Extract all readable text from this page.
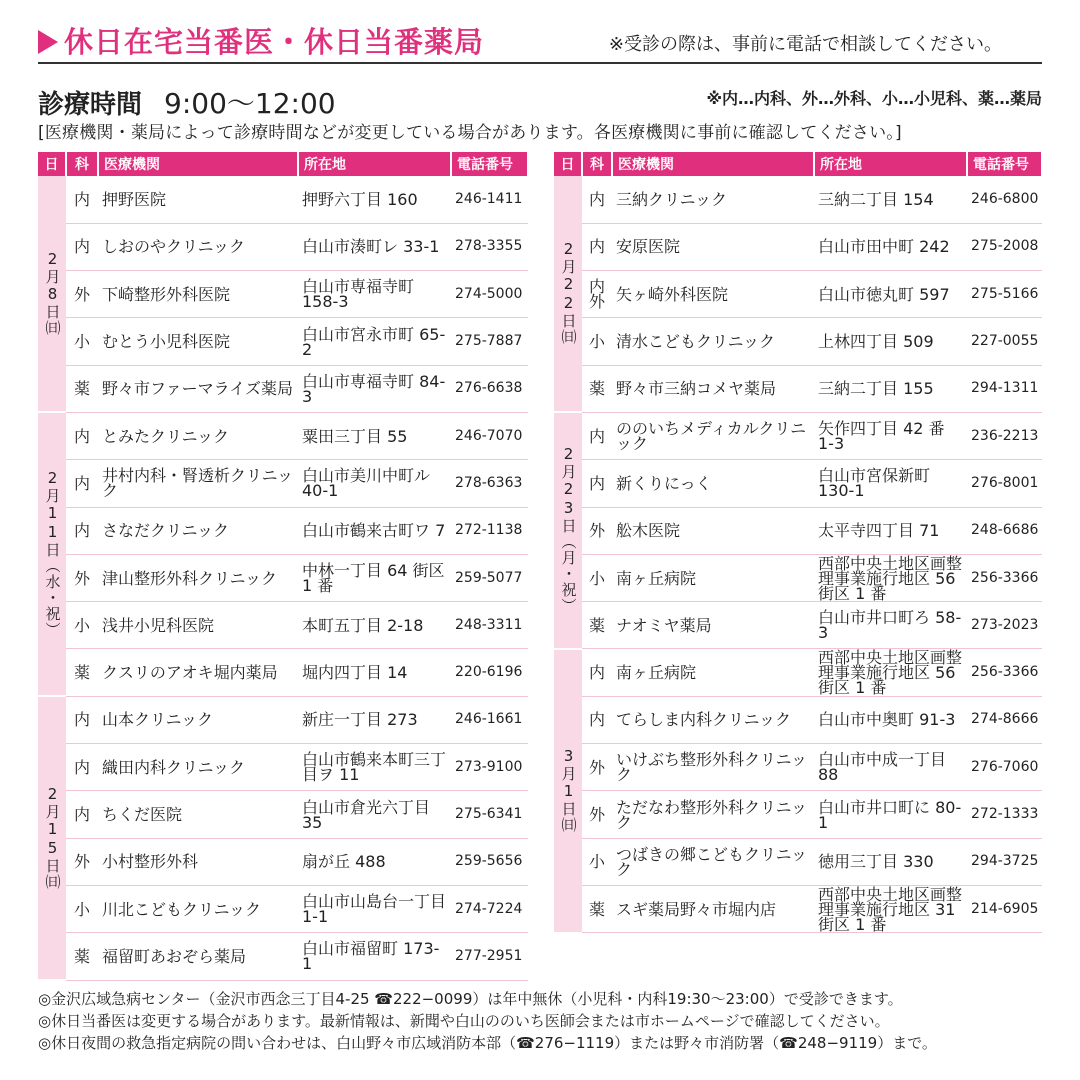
休日在宅当番医・休日当番薬局	※受診の際は、事前に電話で相談してください。
診療時間 9:00〜12:00	※内…内科、外…外科、小…小児科、薬…薬局
[医療機関・薬局によって診療時間などが変更している場合があります。各医療機関に事前に確認してください。]
日	科	医療機関	所在地	電話番号
2月8日㈰	内	押野医院	押野六丁目 160	246-1411
	内	しおのやクリニック	白山市湊町レ 33-1	278-3355
	外	下崎整形外科医院	白山市専福寺町 158-3	274-5000
	小	むとう小児科医院	白山市宮永市町 65-2	275-7887
	薬	野々市ファーマライズ薬局	白山市専福寺町 84-3	276-6638
2月11日（水・祝）	内	とみたクリニック	粟田三丁目 55	246-7070
	内	井村内科・腎透析クリニック	白山市美川中町ル 40-1	278-6363
	内	さなだクリニック	白山市鶴来古町ワ 7	272-1138
	外	津山整形外科クリニック	中林一丁目 64 街区 1 番	259-5077
	小	浅井小児科医院	本町五丁目 2-18	248-3311
	薬	クスリのアオキ堀内薬局	堀内四丁目 14	220-6196
2月15日㈰	内	山本クリニック	新庄一丁目 273	246-1661
	内	織田内科クリニック	白山市鶴来本町三丁目ヲ 11	273-9100
	内	ちくだ医院	白山市倉光六丁目 35	275-6341
	外	小村整形外科	扇が丘 488	259-5656
	小	川北こどもクリニック	白山市山島台一丁目 1-1	274-7224
	薬	福留町あおぞら薬局	白山市福留町 173-1	277-2951
日	科	医療機関	所在地	電話番号
2月22日㈰	内	三納クリニック	三納二丁目 154	246-6800
	内	安原医院	白山市田中町 242	275-2008
	内外	矢ヶ崎外科医院	白山市徳丸町 597	275-5166
	小	清水こどもクリニック	上林四丁目 509	227-0055
	薬	野々市三納コメヤ薬局	三納二丁目 155	294-1311
2月23日（月・祝）	内	ののいちメディカルクリニック	矢作四丁目 42 番 1-3	236-2213
	内	新くりにっく	白山市宮保新町 130-1	276-8001
	外	舩木医院	太平寺四丁目 71	248-6686
	小	南ヶ丘病院	西部中央土地区画整理事業施行地区 56 街区 1 番	256-3366
	薬	ナオミヤ薬局	白山市井口町ろ 58-3	273-2023
3月1日㈰	内	南ヶ丘病院	西部中央土地区画整理事業施行地区 56 街区 1 番	256-3366
	内	てらしま内科クリニック	白山市中奥町 91-3	274-8666
	外	いけぶち整形外科クリニック	白山市中成一丁目 88	276-7060
	外	ただなわ整形外科クリニック	白山市井口町に 80-1	272-1333
	小	つばきの郷こどもクリニック	徳用三丁目 330	294-3725
	薬	スギ薬局野々市堀内店	西部中央土地区画整理事業施行地区 31 街区 1 番	214-6905
◎金沢広域急病センター（金沢市西念三丁目4-25 ☎222−0099）は年中無休（小児科・内科19:30〜23:00）で受診できます。
◎休日当番医は変更する場合があります。最新情報は、新聞や白山ののいち医師会または市ホームページで確認してください。
◎休日夜間の救急指定病院の問い合わせは、白山野々市広域消防本部（☎276−1119）または野々市消防署（☎248−9119）まで。
